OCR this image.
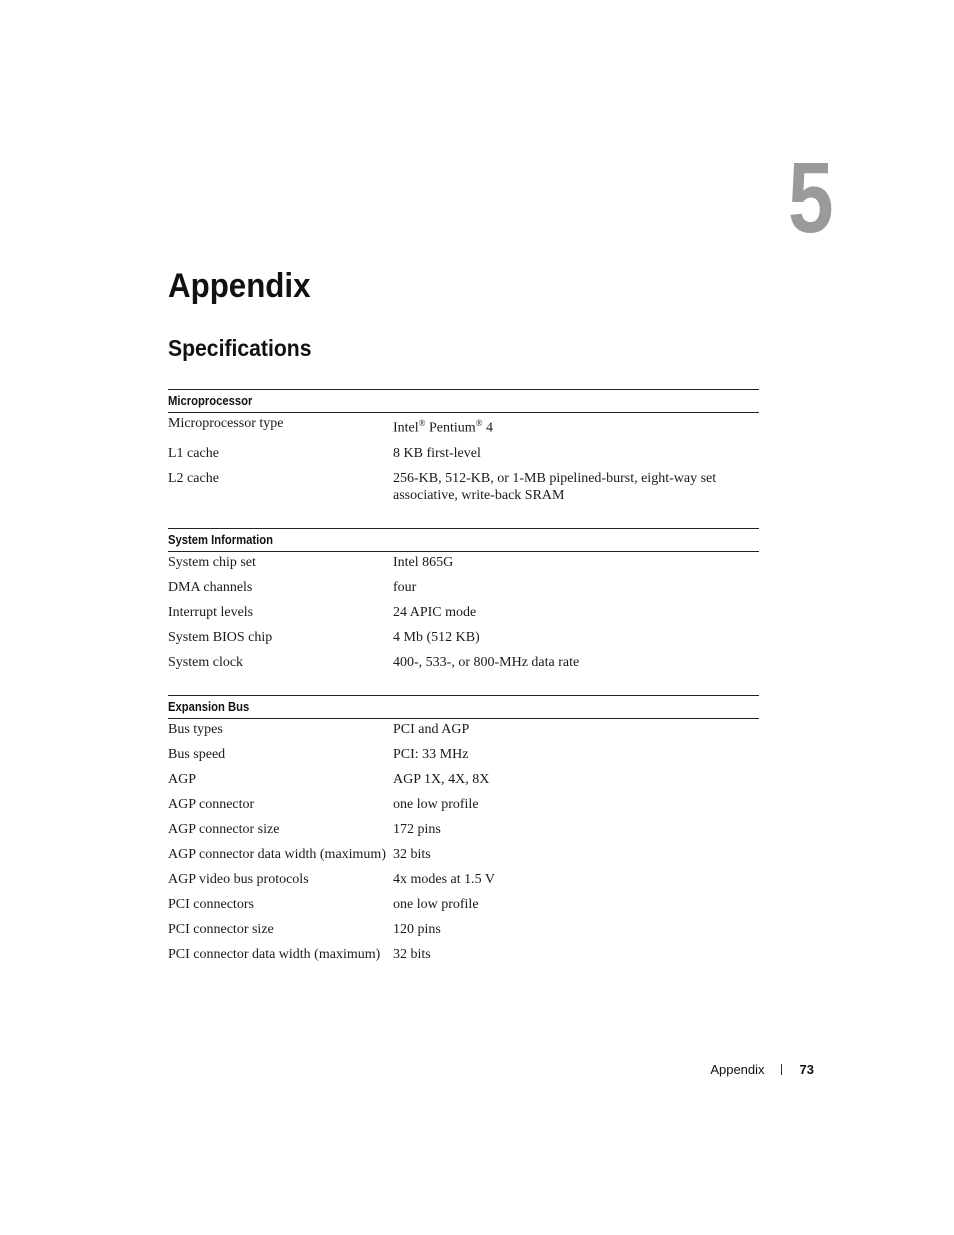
5
Appendix
Specifications
Microprocessor
Microprocessor type	Intel® Pentium® 4
L1 cache	8 KB first-level
L2 cache	256-KB, 512-KB, or 1-MB pipelined-burst, eight-way set associative, write-back SRAM
System Information
System chip set	Intel 865G
DMA channels	four
Interrupt levels	24 APIC mode
System BIOS chip	4 Mb (512 KB)
System clock	400-, 533-, or 800-MHz data rate
Expansion Bus
Bus types	PCI and AGP
Bus speed	PCI: 33 MHz
AGP	AGP 1X, 4X, 8X
AGP connector	one low profile
AGP connector size	172 pins
AGP connector data width (maximum) 32 bits
AGP video bus protocols	4x modes at 1.5 V
PCI connectors	one low profile
PCI connector size	120 pins
PCI connector data width (maximum) 32 bits
Appendix	73
